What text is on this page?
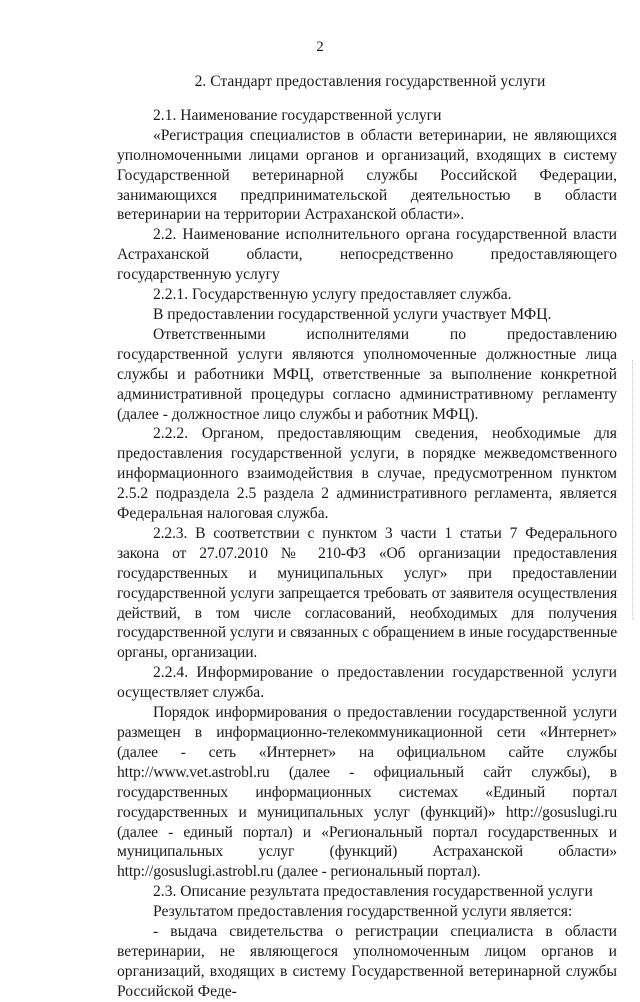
2
2. Стандарт предоставления государственной услуги

2.1. Наименование государственной услуги

«Регистрация специалистов в области ветеринарии, не являющихся уполномоченными лицами органов и организаций, входящих в систему Государственной ветеринарной службы Российской Федерации, занимающихся предпринимательской деятельностью в области ветеринарии на территории Астраханской области».

2.2. Наименование исполнительного органа государственной власти Астраханской области, непосредственно предоставляющего государственную услугу

2.2.1. Государственную услугу предоставляет служба.

В предоставлении государственной услуги участвует МФЦ.

Ответственными исполнителями по предоставлению государственной услуги являются уполномоченные должностные лица службы и работники МФЦ, ответственные за выполнение конкретной административной процедуры согласно административному регламенту (далее - должностное лицо службы и работник МФЦ).

2.2.2. Органом, предоставляющим сведения, необходимые для предоставления государственной услуги, в порядке межведомственного информационного взаимодействия в случае, предусмотренном пунктом 2.5.2 подраздела 2.5 раздела 2 административного регламента, является Федеральная налоговая служба.

2.2.3. В соответствии с пунктом 3 части 1 статьи 7 Федерального закона от 27.07.2010 № 210-ФЗ «Об организации предоставления государственных и муниципальных услуг» при предоставлении государственной услуги запрещается требовать от заявителя осуществления действий, в том числе согласований, необходимых для получения государственной услуги и связанных с обращением в иные государственные органы, организации.

2.2.4. Информирование о предоставлении государственной услуги осуществляет служба.

Порядок информирования о предоставлении государственной услуги размещен в информационно-телекоммуникационной сети «Интернет» (далее - сеть «Интернет» на официальном сайте службы http://www.vet.astrobl.ru (далее - официальный сайт службы), в государственных информационных системах «Единый портал государственных и муниципальных услуг (функций)» http://gosuslugi.ru (далее - единый портал) и «Региональный портал государственных и муниципальных услуг (функций) Астраханской области» http://gosuslugi.astrobl.ru (далее - региональный портал).

2.3. Описание результата предоставления государственной услуги

Результатом предоставления государственной услуги является:

- выдача свидетельства о регистрации специалиста в области ветеринарии, не являющегося уполномоченным лицом органов и организаций, входящих в систему Государственной ветеринарной службы Российской Феде-
